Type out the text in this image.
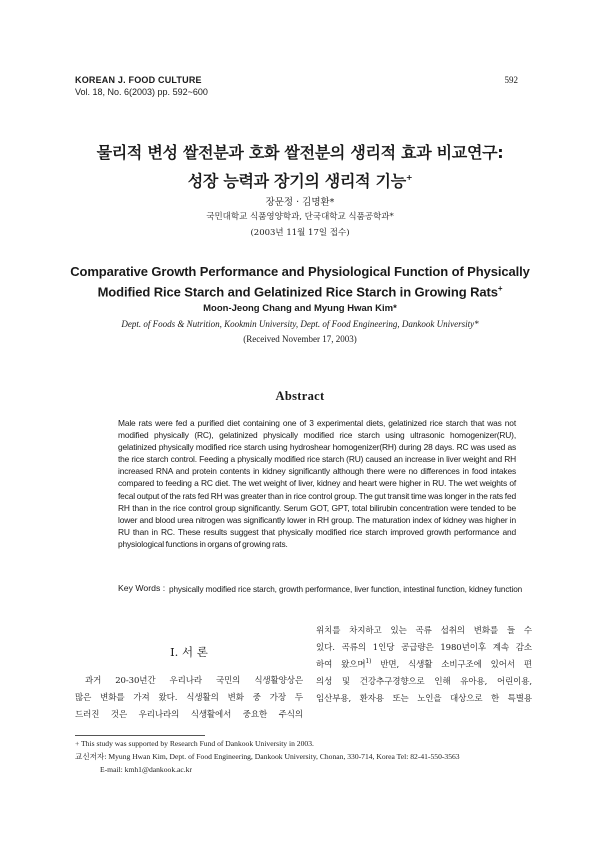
KOREAN J. FOOD CULTURE
Vol. 18, No. 6(2003) pp. 592~600
592
물리적 변성 쌀전분과 호화 쌀전분의 생리적 효과 비교연구:
성장 능력과 장기의 생리적 기능+
장문정 · 김명환*
국민대학교 식품영양학과, 단국대학교 식품공학과*
(2003년 11월 17일 접수)
Comparative Growth Performance and Physiological Function of Physically
Modified Rice Starch and Gelatinized Rice Starch in Growing Rats+
Moon-Jeong Chang and Myung Hwan Kim*
Dept. of Foods & Nutrition, Kookmin University, Dept. of Food Engineering, Dankook University*
(Received November 17, 2003)
Abstract
Male rats were fed a purified diet containing one of 3 experimental diets, gelatinized rice starch that was not modified physically (RC), gelatinized physically modified rice starch using ultrasonic homogenizer(RU), gelatinized physically modified rice starch using hydroshear homogenizer(RH) during 28 days. RC was used as the rice starch control. Feeding a physically modified rice starch (RU) caused an increase in liver weight and RH increased RNA and protein contents in kidney significantly although there were no differences in food intakes compared to feeding a RC diet. The wet weight of liver, kidney and heart were higher in RU. The wet weights of fecal output of the rats fed RH was greater than in rice control group. The gut transit time was longer in the rats fed RH than in the rice control group significantly. Serum GOT, GPT, total bilirubin concentration were tended to be lower and blood urea nitrogen was significantly lower in RH group. The maturation index of kidney was higher in RU than in RC. These results suggest that physically modified rice starch improved growth performance and physiological functions in organs of growing rats.
Key Words : physically modified rice starch, growth performance, liver function, intestinal function, kidney function
I. 서 론
과거 20-30년간 우리나라 국민의 식생활양상은
많은 변화를 가져 왔다. 식생활의 변화 중 가장 두
드러진 것은 우리나라의 식생활에서 중요한 주식의
위치를 차지하고 있는 곡류 섭취의 변화를 들 수
있다. 곡류의 1인당 공급량은 1980년이후 계속 감소
하여 왔으며$^{1)}$ 반면, 식생활 소비구조에 있어서 편
의성 및 건강추구경향으로 인해 유아용, 어린이용,
임산부용, 환자용 또는 노인을 대상으로 한 특별용
+ This study was supported by Research Fund of Dankook University in 2003.
교신저자: Myung Hwan Kim, Dept. of Food Engineering, Dankook University, Chonan, 330-714, Korea Tel: 82-41-550-3563
E-mail: kmh1@dankook.ac.kr
